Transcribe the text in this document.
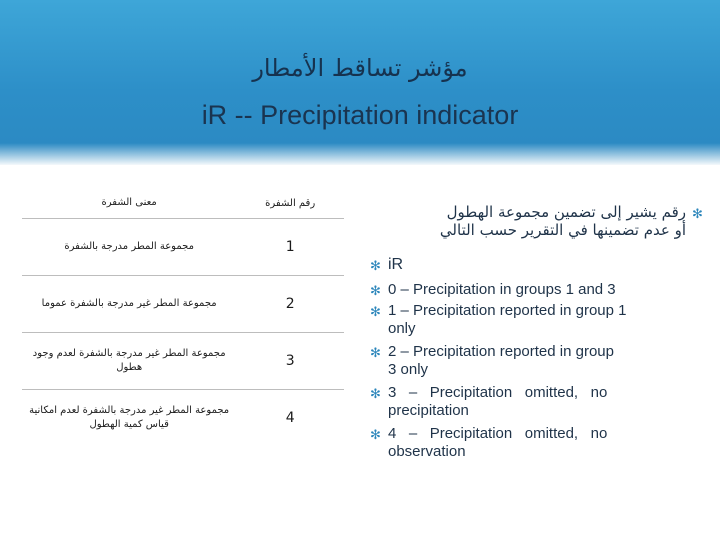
مؤشر تساقط الأمطار
iR -- Precipitation indicator
رقم الشفرة	معنى الشفرة
1	مجموعة المطر مدرجة بالشفرة
2	مجموعة المطر غير مدرجة بالشفرة عموما
3	مجموعة المطر غير مدرجة بالشفرة لعدم وجود هطول
4	مجموعة المطر غير مدرجة بالشفرة لعدم امكانية قياس كمية الهطول
✻
رقم يشير إلى تضمين مجموعة الهطول
أو عدم تضمينها في التقرير حسب التالي
✻ iR
✻ 0 – Precipitation in groups 1 and 3
✻ 1 – Precipitation reported in group 1
only
✻ 2 – Precipitation reported in group
3 only
✻ 3   –   Precipitation   omitted,   no
precipitation
✻ 4   –   Precipitation   omitted,   no
observation
